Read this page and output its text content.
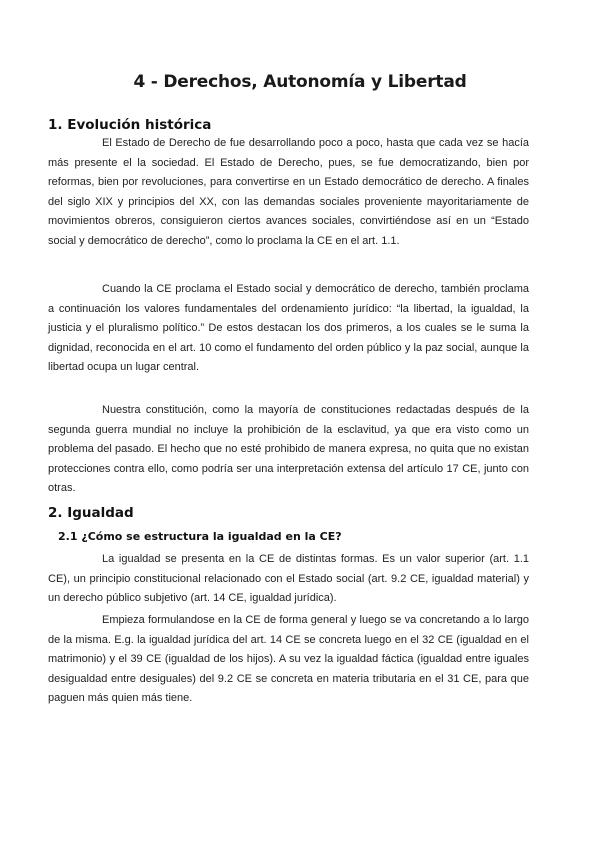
4 - Derechos, Autonomía y Libertad
1. Evolución histórica

El Estado de Derecho de fue desarrollando poco a poco, hasta que cada vez se hacía más presente el la sociedad. El Estado de Derecho, pues, se fue democratizando, bien por reformas, bien por revoluciones, para convertirse en un Estado democrático de derecho. A finales del siglo XIX y principios del XX, con las demandas sociales proveniente mayoritariamente de movimientos obreros, consiguieron ciertos avances sociales, convirtiéndose así en un “Estado social y democrático de derecho”, como lo proclama la CE en el art. 1.1.

Cuando la CE proclama el Estado social y democrático de derecho, también proclama a continuación los valores fundamentales del ordenamiento jurídico: “la libertad, la igualdad, la justicia y el pluralismo político.” De estos destacan los dos primeros, a los cuales se le suma la dignidad, reconocida en el art. 10 como el fundamento del orden público y la paz social, aunque la libertad ocupa un lugar central.

Nuestra constitución, como la mayoría de constituciones redactadas después de la segunda guerra mundial no incluye la prohibición de la esclavitud, ya que era visto como un problema del pasado. El hecho que no esté prohibido de manera expresa, no quita que no existan protecciones contra ello, como podría ser una interpretación extensa del artículo 17 CE, junto con otras.

2. Igualdad
2.1 ¿Cómo se estructura la igualdad en la CE?

La igualdad se presenta en la CE de distintas formas. Es un valor superior (art. 1.1 CE), un principio constitucional relacionado con el Estado social (art. 9.2 CE, igualdad material) y un derecho público subjetivo (art. 14 CE, igualdad jurídica).

Empieza formulandose en la CE de forma general y luego se va concretando a lo largo de la misma. E.g. la igualdad jurídica del art. 14 CE se concreta luego en el 32 CE (igualdad en el matrimonio) y el 39 CE (igualdad de los hijos). A su vez la igualdad fáctica (igualdad entre iguales desigualdad entre desiguales) del 9.2 CE se concreta en materia tributaria en el 31 CE, para que paguen más quien más tiene.
